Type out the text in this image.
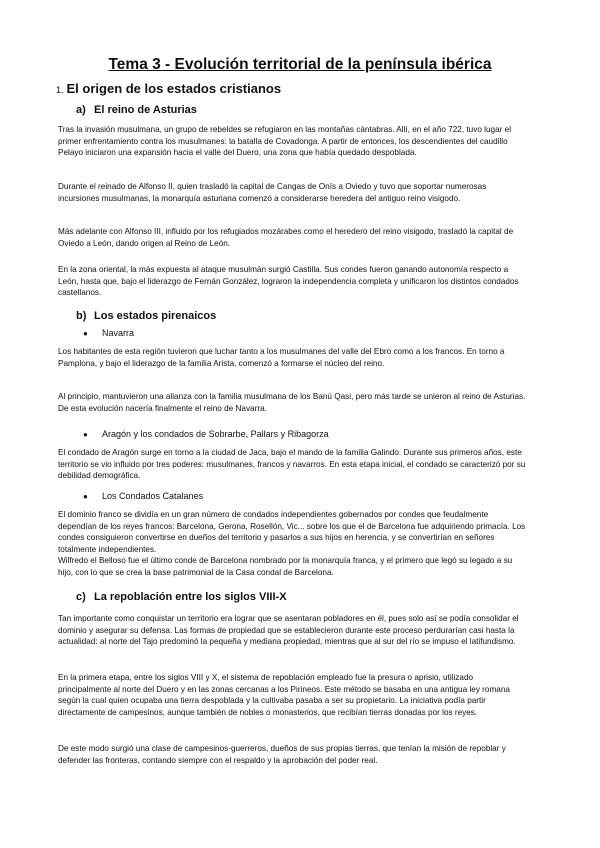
Tema 3 - Evolución territorial de la península ibérica
1. El origen de los estados cristianos
a) El reino de Asturias

Tras la invasión musulmana, un grupo de rebeldes se refugiaron en las montañas cántabras. Allí, en el año 722, tuvo lugar el primer enfrentamiento contra los musulmanes: la batalla de Covadonga. A partir de entonces, los descendientes del caudillo Pelayo iniciaron una expansión hacia el valle del Duero, una zona que había quedado despoblada.

Durante el reinado de Alfonso II, quien trasladó la capital de Cangas de Onís a Oviedo y tuvo que soportar numerosas incursiones musulmanas, la monarquía asturiana comenzó a considerarse heredera del antiguo reino visigodo.

Más adelante con Alfonso III, influido por los refugiados mozárabes como el heredero del reino visigodo, trasladó la capital de Oviedo a León, dando origen al Reino de León.

En la zona oriental, la más expuesta al ataque musulmán surgió Castilla. Sus condes fueron ganando autonomía respecto a León, hasta que, bajo el liderazgo de Fernán González, lograron la independencia completa y unificaron los distintos condados castellanos.

b) Los estados pirenaicos
● Navarra

Los habitantes de esta región tuvieron que luchar tanto a los musulmanes del valle del Ebro como a los francos. En torno a Pamplona, y bajo el liderazgo de la familia Arista, comenzó a formarse el núcleo del reino.

Al principio, mantuvieron una alianza con la familia musulmana de los Banú Qasi, pero más tarde se unieron al reino de Asturias. De esta evolución nacería finalmente el reino de Navarra.

● Aragón y los condados de Sobrarbe, Pallars y Ribagorza

El condado de Aragón surge en torno a la ciudad de Jaca, bajo el mando de la familia Galindo. Durante sus primeros años, este territorio se vio influido por tres poderes: musulmanes, francos y navarros. En esta etapa inicial, el condado se caracterizó por su debilidad demográfica.

● Los Condados Catalanes

El dominio franco se dividía en un gran número de condados independientes gobernados por condes que feudalmente dependían de los reyes francos: Barcelona, Gerona, Rosellón, Vic... sobre los que el de Barcelona fue adquiriendo primacía. Los condes consiguieron convertirse en dueños del territorio y pasarlos a sus hijos en herencia, y se convertirían en señores totalmente independientes.

Wilfredo el Belloso fue el último conde de Barcelona nombrado por la monarquía franca, y el primero que legó su legado a su hijo, con lo que se crea la base patrimonial de la Casa condal de Barcelona.

c) La repoblación entre los siglos VIII-X

Tan importante como conquistar un territorio era lograr que se asentaran pobladores en él, pues solo así se podía consolidar el dominio y asegurar su defensa. Las formas de propiedad que se establecieron durante este proceso perdurarían casi hasta la actualidad: al norte del Tajo predominó la pequeña y mediana propiedad, mientras que al sur del río se impuso el latifundismo.

En la primera etapa, entre los siglos VIII y X, el sistema de repoblación empleado fue la presura o aprisio, utilizado principalmente al norte del Duero y en las zonas cercanas a los Pirineos. Este método se basaba en una antigua ley romana según la cual quien ocupaba una tierra despoblada y la cultivaba pasaba a ser su propietario. La iniciativa podía partir directamente de campesinos, aunque también de nobles o monasterios, que recibían tierras donadas por los reyes.

De este modo surgió una clase de campesinos-guerreros, dueños de sus propias tierras, que tenían la misión de repoblar y defender las fronteras, contando siempre con el respaldo y la aprobación del poder real.
